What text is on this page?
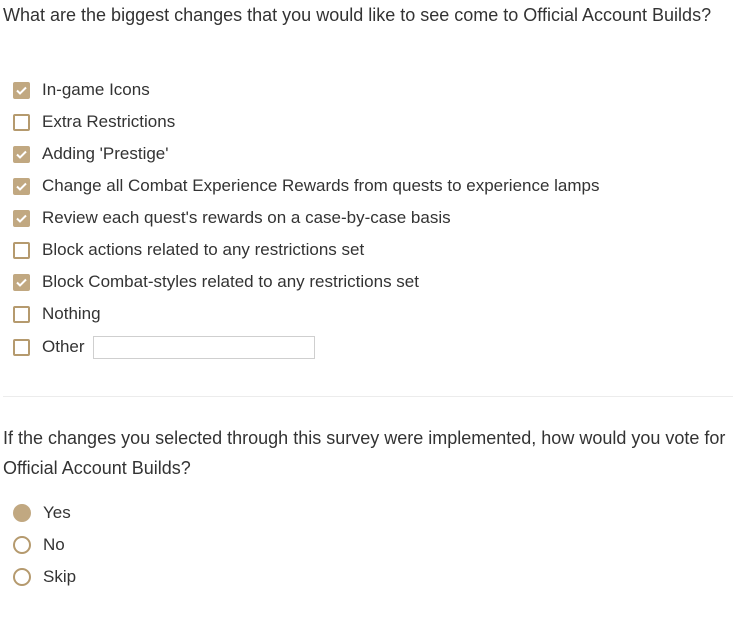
What are the biggest changes that you would like to see come to Official Account Builds?
In-game Icons
Extra Restrictions
Adding 'Prestige'
Change all Combat Experience Rewards from quests to experience lamps
Review each quest's rewards on a case-by-case basis
Block actions related to any restrictions set
Block Combat-styles related to any restrictions set
Nothing
Other
If the changes you selected through this survey were implemented, how would you vote for Official Account Builds?
Yes
No
Skip
